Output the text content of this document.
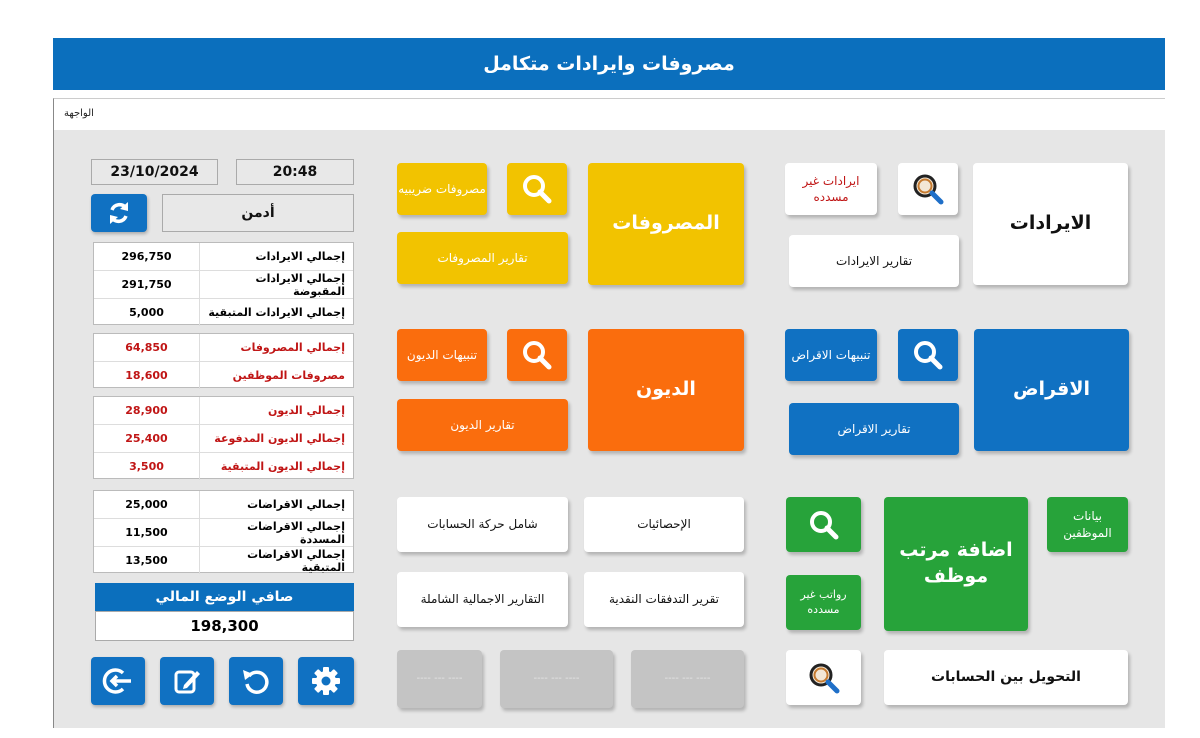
مصروفات وايرادات متكامل
الواجهة
23/10/2024	20:48
أدمن
296,750	إجمالي الايرادات
291,750	إجمالي الايرادات المقبوضة
5,000	إجمالي الايرادات المتبقية
64,850	إجمالي المصروفات
18,600	مصروفات الموظفين
28,900	إجمالي الديون
25,400	إجمالي الديون المدفوعة
3,500	إجمالي الديون المتبقية
25,000	إجمالي الاقراضات
11,500	إجمالي الاقراضات المسددة
13,500	إجمالي الاقراضات المتبقية
صافي الوضع المالي
198,300
مصروفات ضريبيه
المصروفات
تقارير المصروفات
تنبيهات الديون
الديون
تقارير الديون
شامل حركة الحسابات	الإحصائيات
التقارير الاجمالية الشاملة	تقرير التدفقات النقدية
---- --- ----	---- --- ----	---- --- ----
ايرادات غير مسدده
الايرادات
تقارير الايرادات
تنبيهات الاقراض
الاقراض
تقارير الاقراض
اضافة مرتب موظف
بيانات الموظفين
رواتب غير مسدده
التحويل بين الحسابات
